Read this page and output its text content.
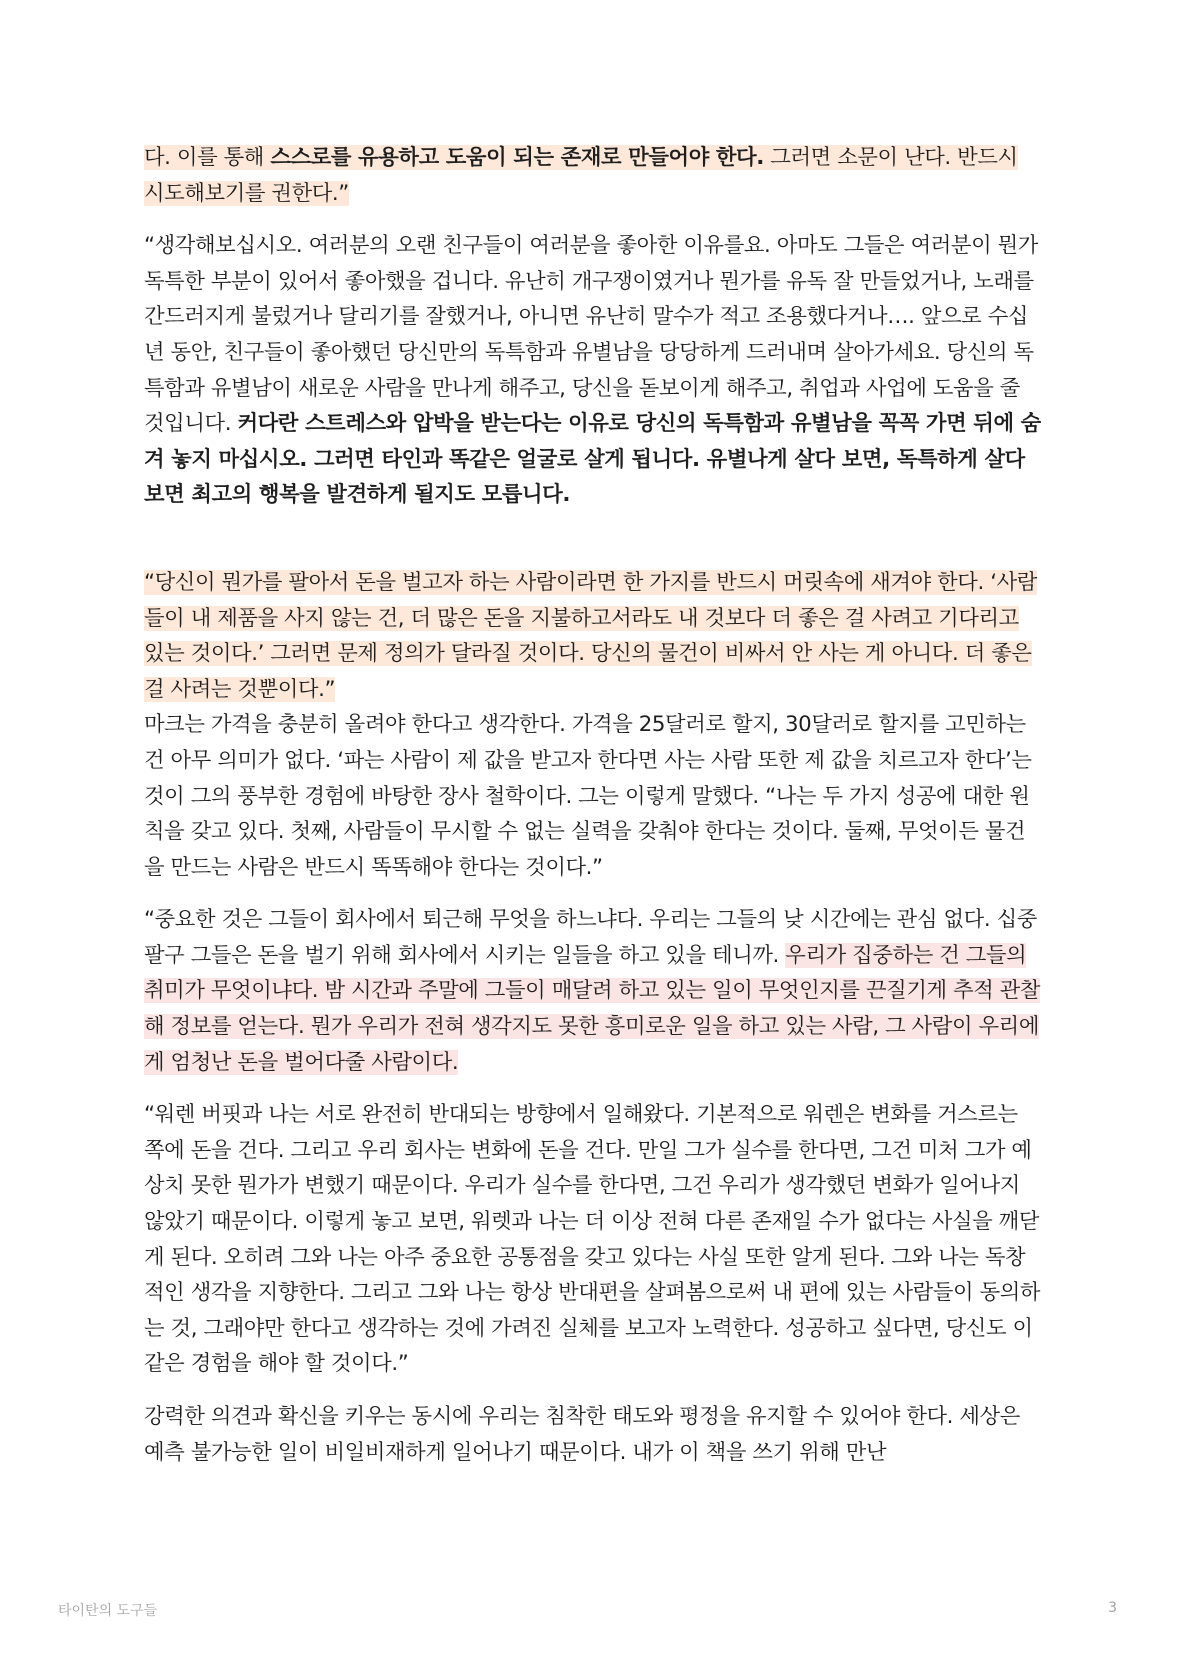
다. 이를 통해 스스로를 유용하고 도움이 되는 존재로 만들어야 한다. 그러면 소문이 난다. 반드시 시도해보기를 권한다.”

“생각해보십시오. 여러분의 오랜 친구들이 여러분을 좋아한 이유를요. 아마도 그들은 여러분이 뭔가 독특한 부분이 있어서 좋아했을 겁니다. 유난히 개구쟁이였거나 뭔가를 유독 잘 만들었거나, 노래를 간드러지게 불렀거나 달리기를 잘했거나, 아니면 유난히 말수가 적고 조용했다거나…. 앞으로 수십 년 동안, 친구들이 좋아했던 당신만의 독특함과 유별남을 당당하게 드러내며 살아가세요. 당신의 독특함과 유별남이 새로운 사람을 만나게 해주고, 당신을 돋보이게 해주고, 취업과 사업에 도움을 줄 것입니다. 커다란 스트레스와 압박을 받는다는 이유로 당신의 독특함과 유별남을 꼭꼭 가면 뒤에 숨겨 놓지 마십시오. 그러면 타인과 똑같은 얼굴로 살게 됩니다. 유별나게 살다 보면, 독특하게 살다 보면 최고의 행복을 발견하게 될지도 모릅니다.

“당신이 뭔가를 팔아서 돈을 벌고자 하는 사람이라면 한 가지를 반드시 머릿속에 새겨야 한다. ‘사람들이 내 제품을 사지 않는 건, 더 많은 돈을 지불하고서라도 내 것보다 더 좋은 걸 사려고 기다리고 있는 것이다.’ 그러면 문제 정의가 달라질 것이다. 당신의 물건이 비싸서 안 사는 게 아니다. 더 좋은 걸 사려는 것뿐이다.”

마크는 가격을 충분히 올려야 한다고 생각한다. 가격을 25달러로 할지, 30달러로 할지를 고민하는 건 아무 의미가 없다. ‘파는 사람이 제 값을 받고자 한다면 사는 사람 또한 제 값을 치르고자 한다’는 것이 그의 풍부한 경험에 바탕한 장사 철학이다. 그는 이렇게 말했다. “나는 두 가지 성공에 대한 원칙을 갖고 있다. 첫째, 사람들이 무시할 수 없는 실력을 갖춰야 한다는 것이다. 둘째, 무엇이든 물건을 만드는 사람은 반드시 똑똑해야 한다는 것이다.”

“중요한 것은 그들이 회사에서 퇴근해 무엇을 하느냐다. 우리는 그들의 낮 시간에는 관심 없다. 십중팔구 그들은 돈을 벌기 위해 회사에서 시키는 일들을 하고 있을 테니까. 우리가 집중하는 건 그들의 취미가 무엇이냐다. 밤 시간과 주말에 그들이 매달려 하고 있는 일이 무엇인지를 끈질기게 추적 관찰해 정보를 얻는다. 뭔가 우리가 전혀 생각지도 못한 흥미로운 일을 하고 있는 사람, 그 사람이 우리에게 엄청난 돈을 벌어다줄 사람이다.

“워렌 버핏과 나는 서로 완전히 반대되는 방향에서 일해왔다. 기본적으로 워렌은 변화를 거스르는 쪽에 돈을 건다. 그리고 우리 회사는 변화에 돈을 건다. 만일 그가 실수를 한다면, 그건 미처 그가 예상치 못한 뭔가가 변했기 때문이다. 우리가 실수를 한다면, 그건 우리가 생각했던 변화가 일어나지 않았기 때문이다. 이렇게 놓고 보면, 워렛과 나는 더 이상 전혀 다른 존재일 수가 없다는 사실을 깨닫게 된다. 오히려 그와 나는 아주 중요한 공통점을 갖고 있다는 사실 또한 알게 된다. 그와 나는 독창적인 생각을 지향한다. 그리고 그와 나는 항상 반대편을 살펴봄으로써 내 편에 있는 사람들이 동의하는 것, 그래야만 한다고 생각하는 것에 가려진 실체를 보고자 노력한다. 성공하고 싶다면, 당신도 이 같은 경험을 해야 할 것이다.”

강력한 의견과 확신을 키우는 동시에 우리는 침착한 태도와 평정을 유지할 수 있어야 한다. 세상은 예측 불가능한 일이 비일비재하게 일어나기 때문이다. 내가 이 책을 쓰기 위해 만난

타이탄의 도구들	3
